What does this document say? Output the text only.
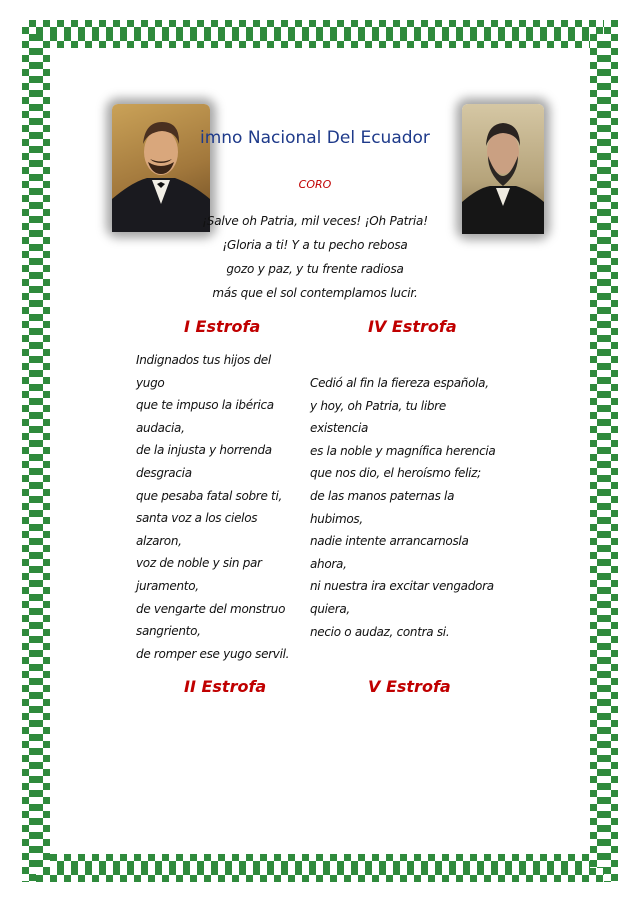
imno Nacional Del Ecuador
CORO
¡Salve oh Patria, mil veces! ¡Oh Patria!
¡Gloria a ti! Y a tu pecho rebosa
gozo y paz, y tu frente radiosa
más que el sol contemplamos lucir.
I Estrofa	IV Estrofa
II Estrofa	V Estrofa
Indignados tus hijos del
yugo
que te impuso la ibérica
audacia,
de la injusta y horrenda
desgracia
que pesaba fatal sobre ti,
santa voz a los cielos
alzaron,
voz de noble y sin par
juramento,
de vengarte del monstruo
sangriento,
de romper ese yugo servil.
Cedió al fin la fiereza española,
y hoy, oh Patria, tu libre
existencia
es la noble y magnífica herencia
que nos dio, el heroísmo feliz;
de las manos paternas la
hubimos,
nadie intente arrancarnosla
ahora,
ni nuestra ira excitar vengadora
quiera,
necio o audaz, contra si.
